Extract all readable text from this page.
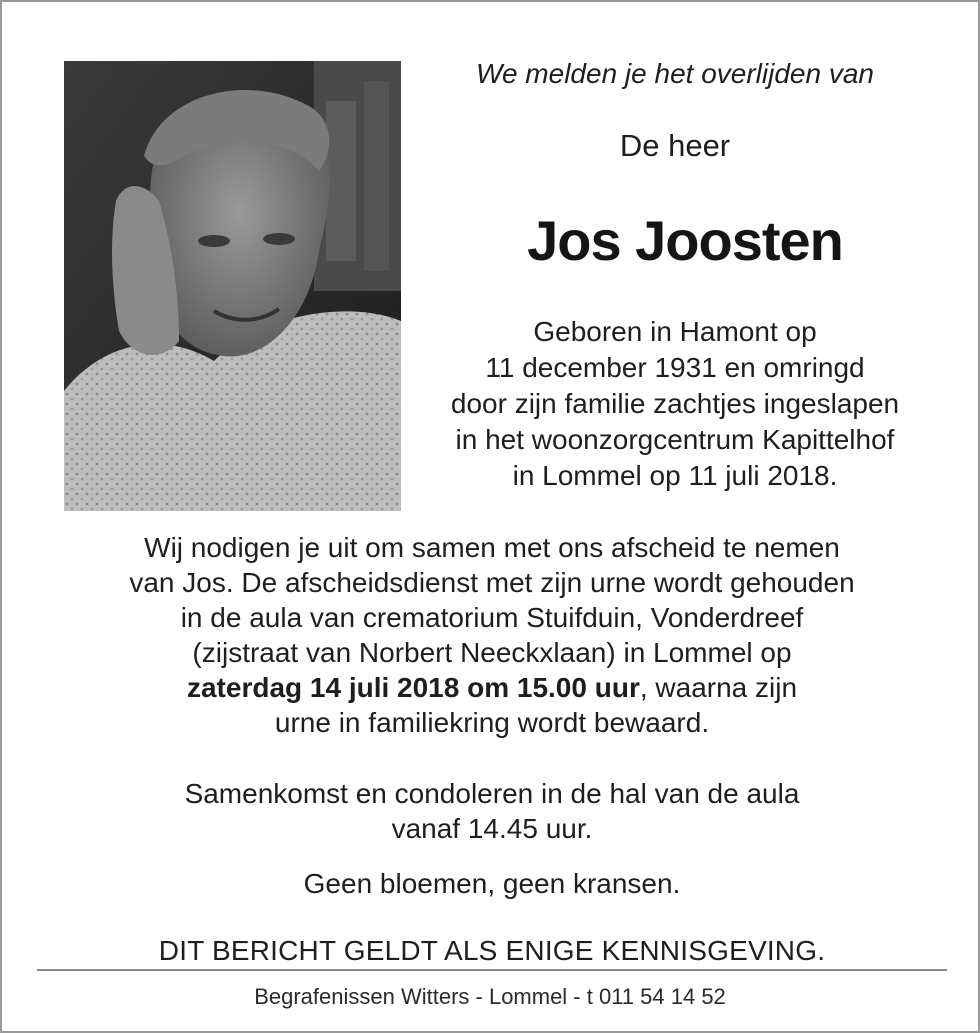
We melden je het overlijden van
De heer
Jos Joosten
Geboren in Hamont op
11 december 1931 en omringd
door zijn familie zachtjes ingeslapen
in het woonzorgcentrum Kapittelhof
in Lommel op 11 juli 2018.
Wij nodigen je uit om samen met ons afscheid te nemen
van Jos. De afscheidsdienst met zijn urne wordt gehouden
in de aula van crematorium Stuifduin, Vonderdreef
(zijstraat van Norbert Neeckxlaan) in Lommel op
zaterdag 14 juli 2018 om 15.00 uur, waarna zijn
urne in familiekring wordt bewaard.
Samenkomst en condoleren in de hal van de aula
vanaf 14.45 uur.
Geen bloemen, geen kransen.
DIT BERICHT GELDT ALS ENIGE KENNISGEVING.
Begrafenissen Witters - Lommel - t 011 54 14 52
